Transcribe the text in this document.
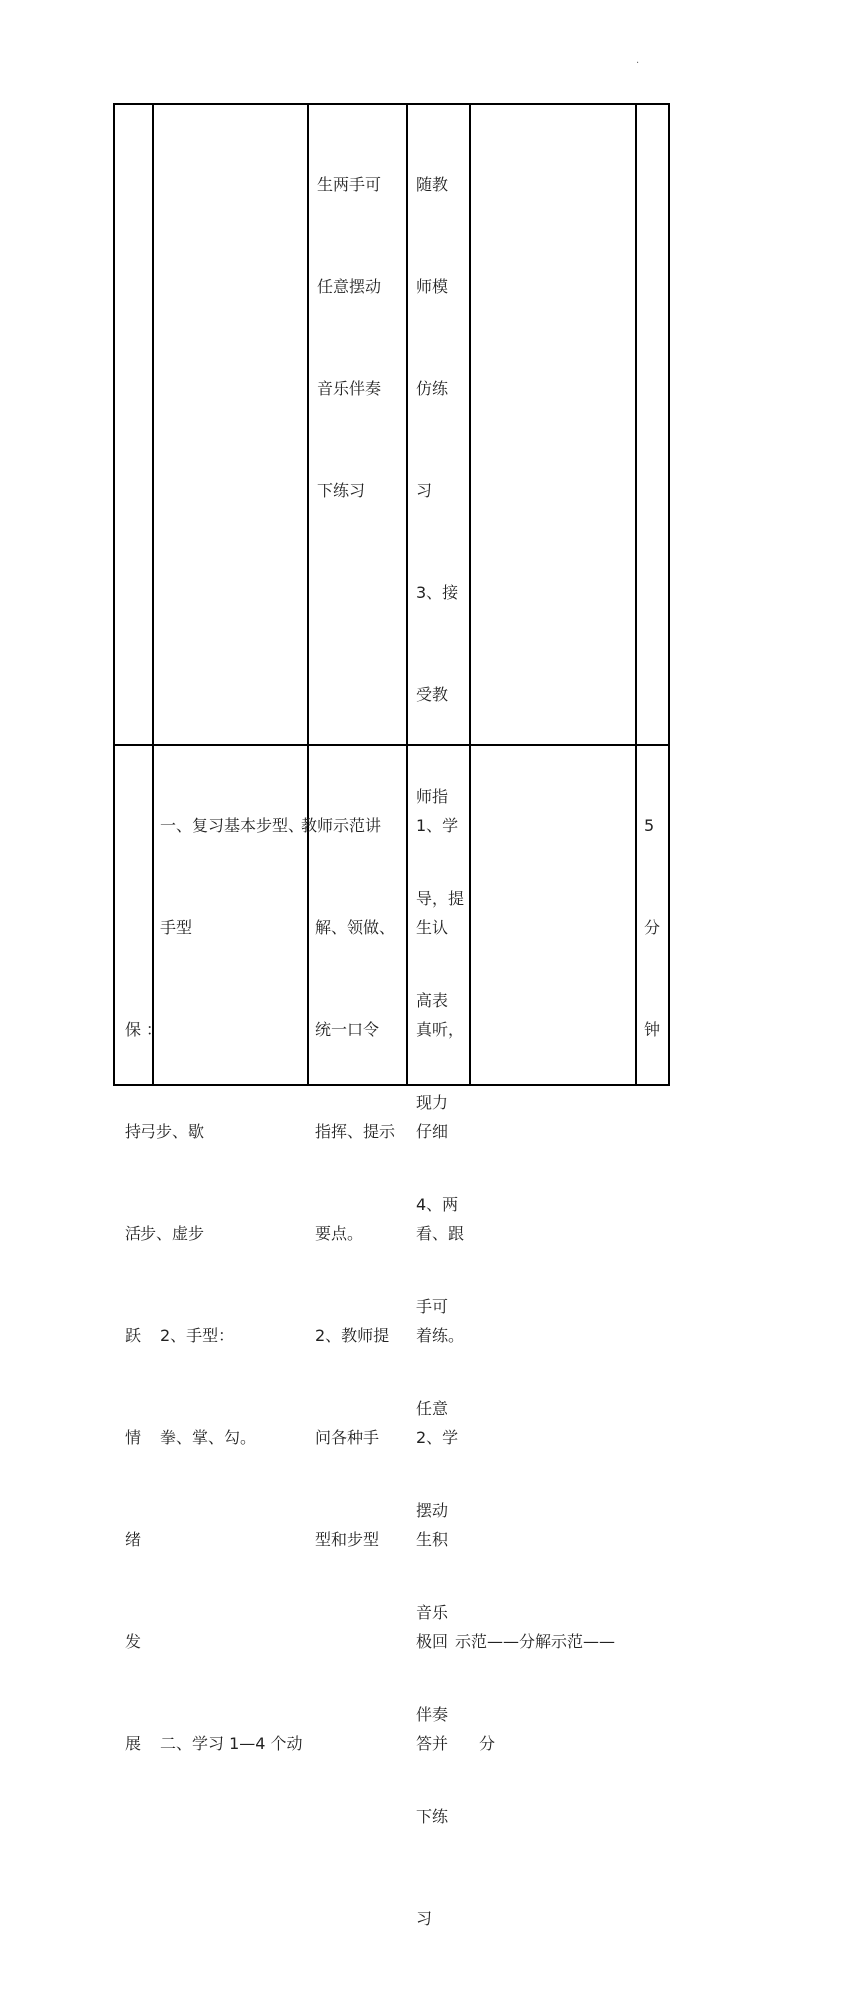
·

生两手可

任意摆动

音乐伴奏

下练习

随教

师模

仿练

习

3、接

受教

师指

导，提

高表

现力

4、两

手可

任意

摆动

音乐

伴奏

下练

习

保

持

活

跃

情

绪

发

展

一、复习基本步型、

手型

：

弓步、歇

步、虚步

2、手型：

拳、掌、勾。

二、学习 1—4 个动

教师示范讲

解、领做、

统一口令

指挥、提示

要点。

2、教师提

问各种手

型和步型

1、学

生认

真听，

仔细

看、跟

着练。

2、学

生积

极回

答并

示范——分解示范——

分

5

分

钟
